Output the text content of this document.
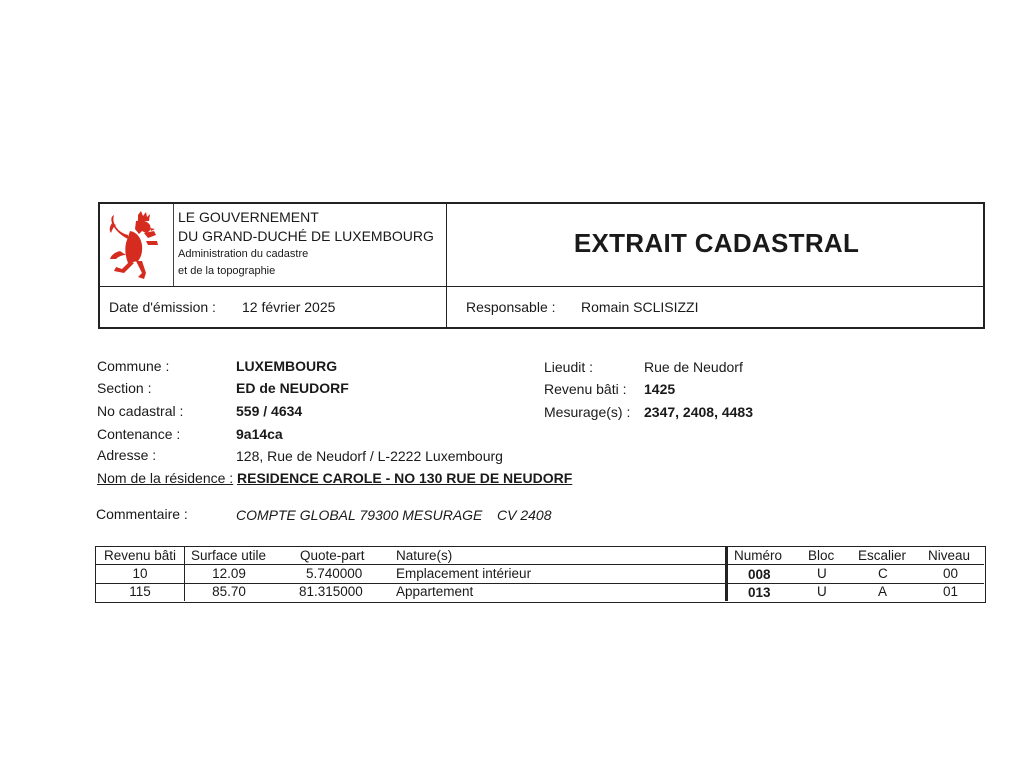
LE GOUVERNEMENT
DU GRAND-DUCHÉ DE LUXEMBOURG
Administration du cadastre
et de la topographie
EXTRAIT CADASTRAL
Date d'émission : 12 février 2025	Responsable : Romain SCLISIZZI
Commune :	LUXEMBOURG
Section :	ED de NEUDORF
No cadastral :	559 / 4634
Contenance :	9a14ca
Adresse :	128, Rue de Neudorf / L-2222 Luxembourg
Nom de la résidence : RESIDENCE CAROLE - NO 130 RUE DE NEUDORF
Lieudit :	Rue de Neudorf
Revenu bâti : 1425
Mesurage(s) : 2347, 2408, 4483
Commentaire :	COMPTE GLOBAL 79300 MESURAGE CV 2408
Revenu bâti	Surface utile	Quote-part Nature(s)	Numéro Bloc Escalier Niveau
10	12.09	5.740000 Emplacement intérieur	008	U	C	00
115	85.70	81.315000 Appartement	013	U	A	01
